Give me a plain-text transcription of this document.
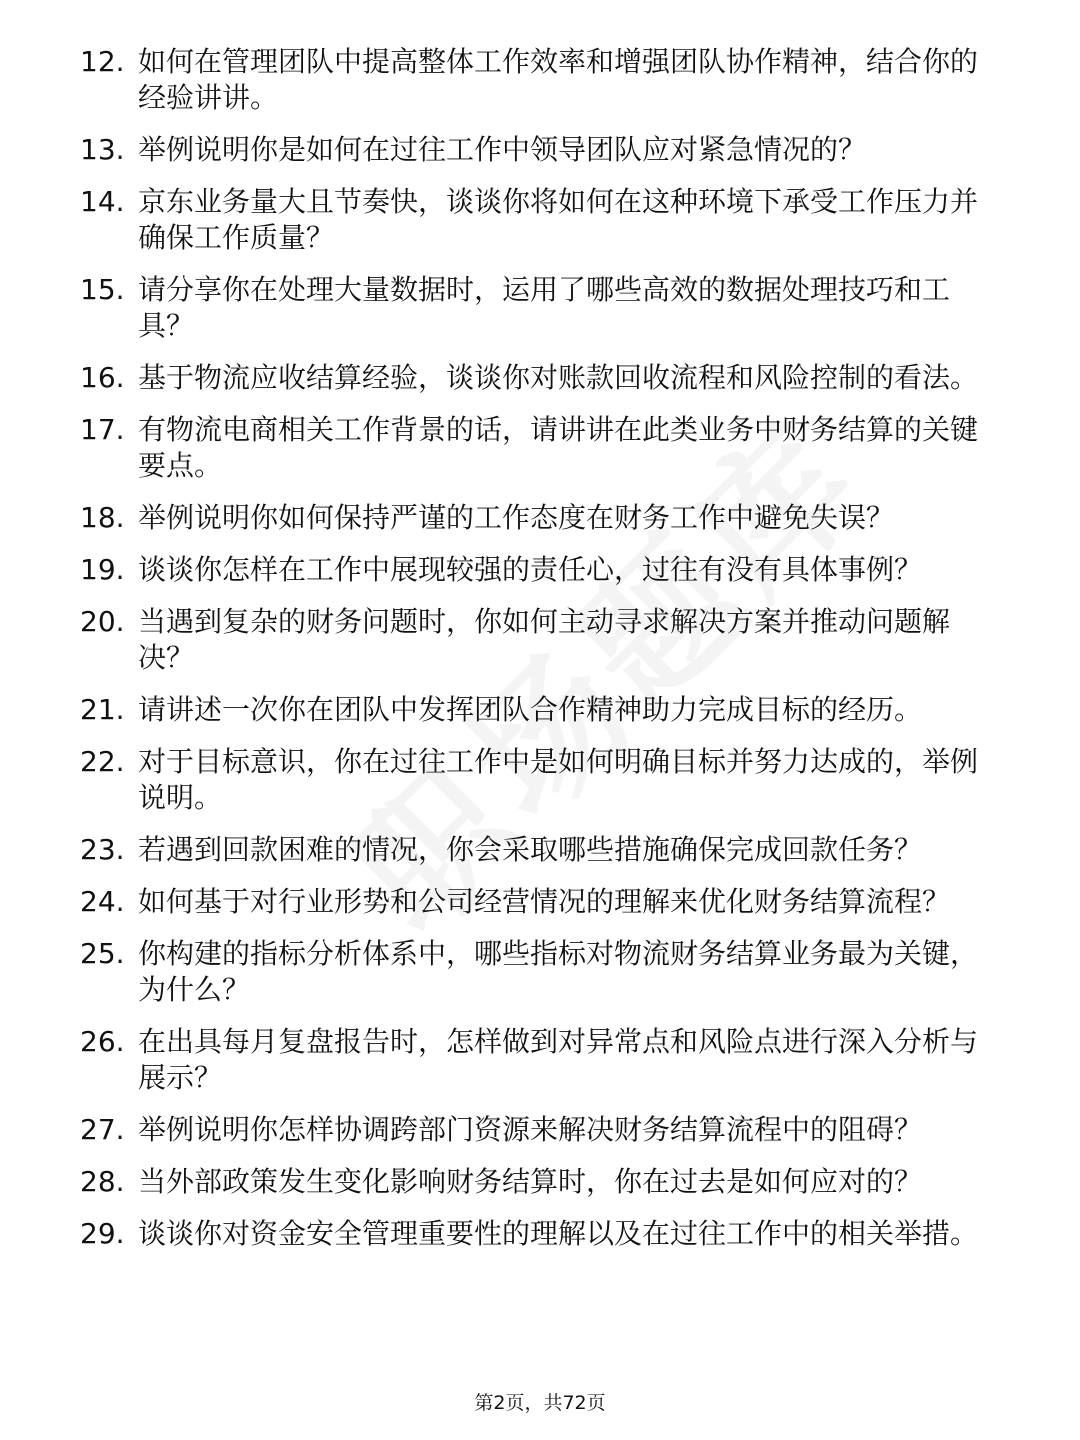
12. 如何在管理团队中提高整体工作效率和增强团队协作精神，结合你的经验讲讲。
13. 举例说明你是如何在过往工作中领导团队应对紧急情况的？
14. 京东业务量大且节奏快，谈谈你将如何在这种环境下承受工作压力并确保工作质量？
15. 请分享你在处理大量数据时，运用了哪些高效的数据处理技巧和工具？
16. 基于物流应收结算经验，谈谈你对账款回收流程和风险控制的看法。
17. 有物流电商相关工作背景的话，请讲讲在此类业务中财务结算的关键要点。
18. 举例说明你如何保持严谨的工作态度在财务工作中避免失误？
19. 谈谈你怎样在工作中展现较强的责任心，过往有没有具体事例？
20. 当遇到复杂的财务问题时，你如何主动寻求解决方案并推动问题解决？
21. 请讲述一次你在团队中发挥团队合作精神助力完成目标的经历。
22. 对于目标意识，你在过往工作中是如何明确目标并努力达成的，举例说明。
23. 若遇到回款困难的情况，你会采取哪些措施确保完成回款任务？
24. 如何基于对行业形势和公司经营情况的理解来优化财务结算流程？
25. 你构建的指标分析体系中，哪些指标对物流财务结算业务最为关键，为什么？
26. 在出具每月复盘报告时，怎样做到对异常点和风险点进行深入分析与展示？
27. 举例说明你怎样协调跨部门资源来解决财务结算流程中的阻碍？
28. 当外部政策发生变化影响财务结算时，你在过去是如何应对的？
29. 谈谈你对资金安全管理重要性的理解以及在过往工作中的相关举措。
第2页，共72页
